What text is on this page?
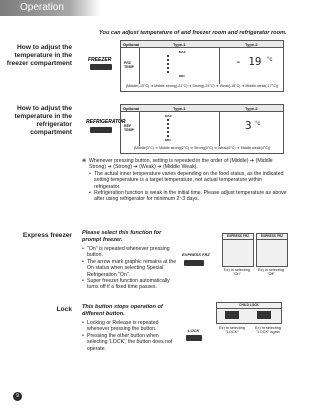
Operation
You can adjust temperature of and freezer room and refrigerator room.
How to adjust the temperature in the freezer compartment	FREEZER
Optional	Type-1	Type-2
FRZ TEMP
MAX
MIN
- 19 °c
(Middle(-19°C) ➔ Middle strong(-21°C) ➔ Strong(-23°C) ➔ Weak(-15°C) ➔ Middle weak(-17°C))
How to adjust the temperature in the refrigerator compartment
REFRIGERATOR
Optional	Type-1	Type-2
REF TEMP
MAX
MIN
3 °c
(Middle(3°C) ➔ Middle strong(2°C) ➔ Strong(0°C) ➔ Weak(6°C) ➔ Middle weak(4°C))
❋ Whenever pressing button, setting is repeated in the order of (Middle) ➔ (Middle Strong) ➔ (Strong) ➔ (Weak) ➔ (Middle Weak).
• The actual inner temperature varies depending on the food status, as the indicated setting temperature is a target temperature, not actual temperature within refrigerator.
• Refrigeration function is weak in the initial time. Please adjust temperature as above after using refrigerator for minimum 2~3 days.
Express freezer Please select this function for prompt freezer.
• "On" is repeated whenever pressing button.
• The arrow mark graphic remains at the On status when selecting Special Refrigeration "On".
• Super freezer function automatically turns off if a fixed time passes.
EXPRESS FRZ
EXPRESS FRZ	EXPRESS FRZ
Ex) In selecting "On"
Ex) In selecting "Off"
Lock This button stops operation of different button.
• Locking or Release is repeated whenever pressing the button.
• Pressing the other button when selecting 'LOCK', the button does not operate.
LOCK
CHILD LOCK
Ex) In selecting "LOCK"
Ex) In selecting "LOCK" again
9
